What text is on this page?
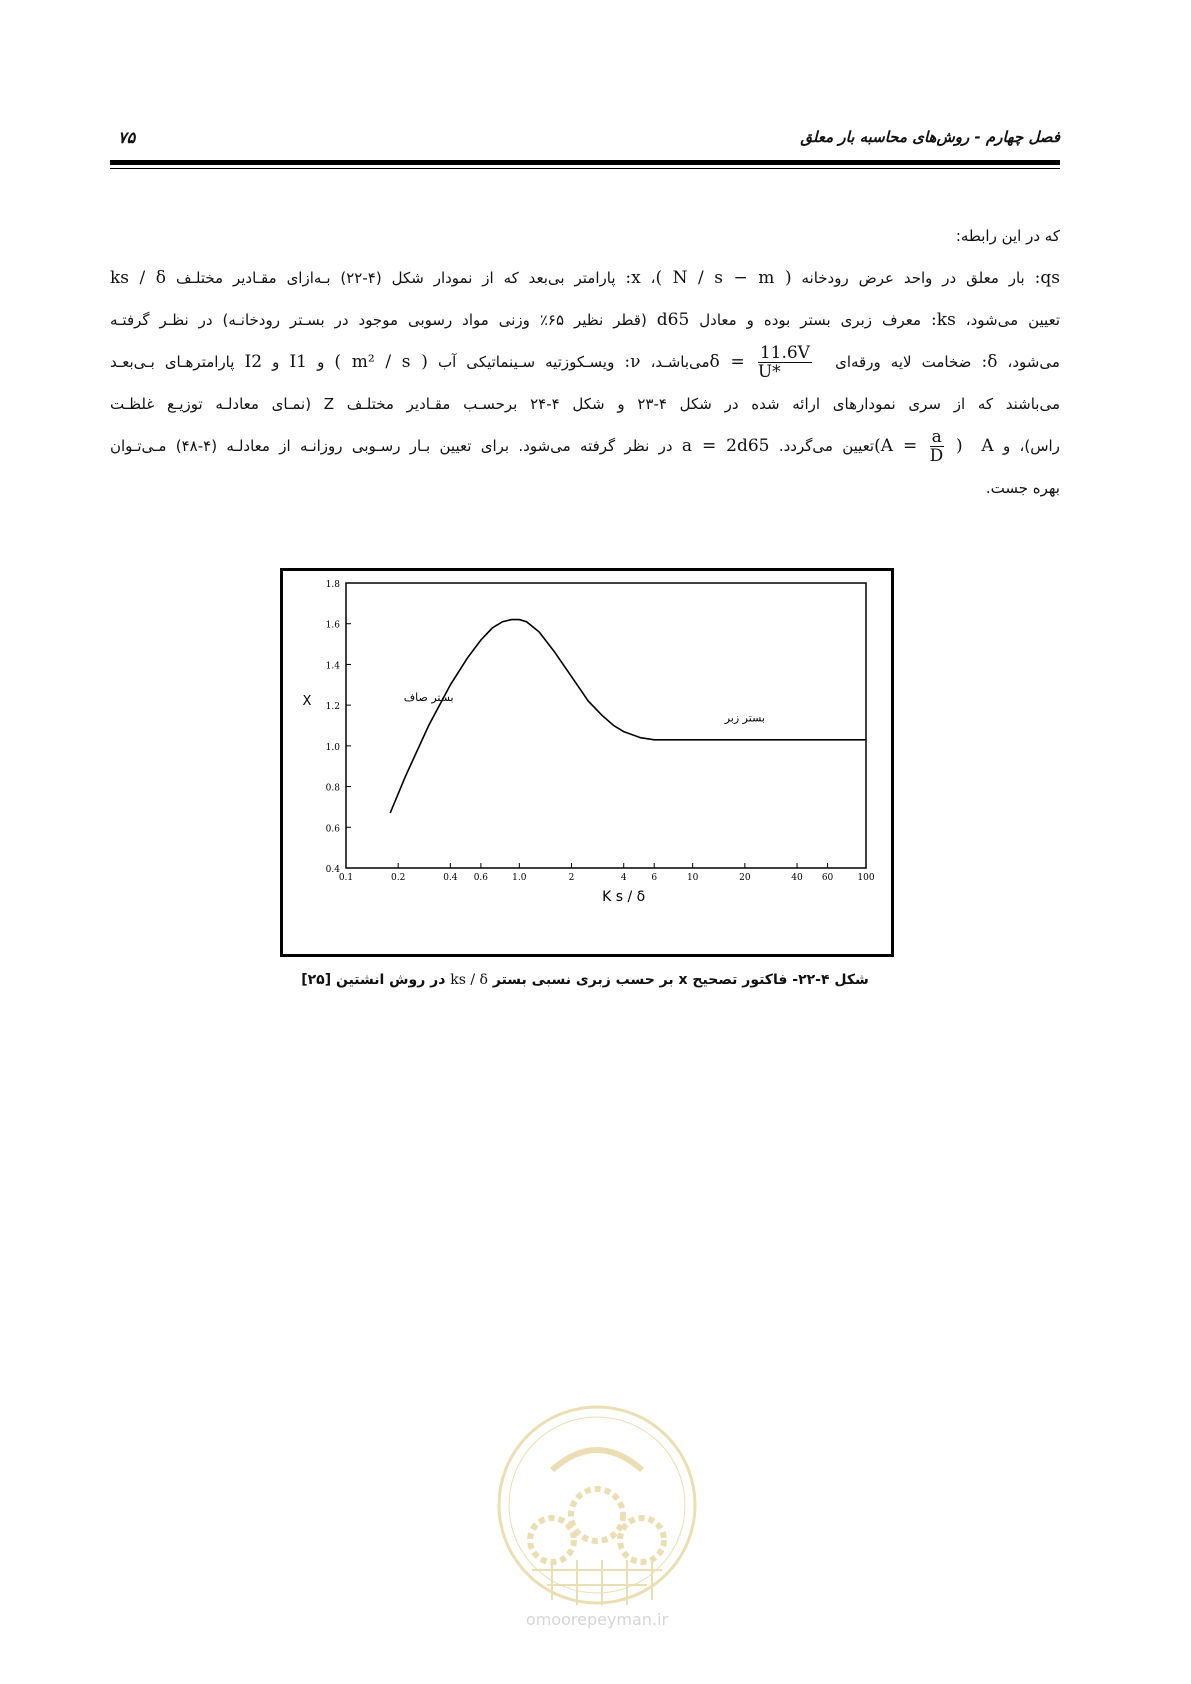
فصل چهارم - روش‌های محاسبه بار معلق
۷۵

که در این رابطه:

qs: بار معلق در واحد عرض رودخانه ( N / s − m )، x: پارامتر بی‌بعد که از نمودار شکل (۴-۲۲) بـه‌ازای مقـادیر مختلـف ks / δ

تعیین می‌شود، ks: معرف زبری بستر بوده و معادل d65 (قطر نظیر ۶۵٪ وزنی مواد رسوبی موجود در بسـتر رودخانـه) در نظـر گرفتـه

می‌شود، δ: ضخامت لایه ورقه‌ای $\delta = \frac{11.6V}{U*}$
می‌باشـد، ν: ویسـکوزتیه سـینماتیکی آب ( m² / s ) و I1 و I2 پارامترهـای بـی‌بعـد

می‌باشند که از سری نمودارهای ارائه شده در شکل ۴-۲۳ و شکل ۴-۲۴ برحسـب مقـادیر مختلـف Z (نمـای معادلـه توزیـع غلظـت

راس)، و A ($A = \frac{a}{D}$ ) تعیین می‌گردد. a = 2d65 در نظر گرفته می‌شود. برای تعیین بـار رسـوبی روزانـه از معادلـه (۴-۴۸) مـی‌تـوان

بهره جست.

0.4
0.6
0.8
1.0
1.2
1.4
1.6
1.8
0.1	0.2	0.4 0.6	1.0	2	4	6	10	20	40 60	100
X
K s / δ
بستر صاف
بستر زبر
شکل ۴-۲۲- فاکتور تصحیح x بر حسب زبری نسبی بستر ks / δ در روش انشتین [۲۵]
omoorepeyman.ir
